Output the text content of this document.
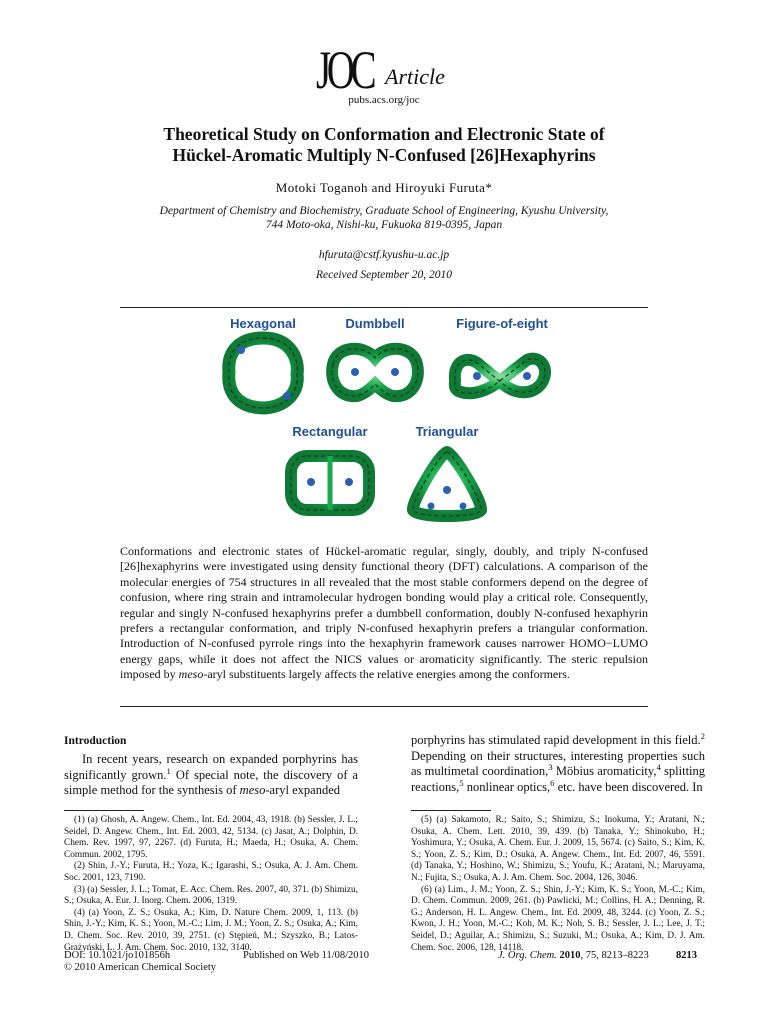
JOC Article
pubs.acs.org/joc
Theoretical Study on Conformation and Electronic State of
Hückel-Aromatic Multiply N-Confused [26]Hexaphyrins
Motoki Toganoh and Hiroyuki Furuta*
Department of Chemistry and Biochemistry, Graduate School of Engineering, Kyushu University,
744 Moto-oka, Nishi-ku, Fukuoka 819-0395, Japan
hfuruta@cstf.kyushu-u.ac.jp
Received September 20, 2010
Hexagonal	Dumbbell	Figure-of-eight
Rectangular	Triangular
Conformations and electronic states of Hückel-aromatic regular, singly, doubly, and triply N-confused [26]hexaphyrins were investigated using density functional theory (DFT) calculations. A comparison of the molecular energies of 754 structures in all revealed that the most stable conformers depend on the degree of confusion, where ring strain and intramolecular hydrogen bonding would play a critical role. Consequently, regular and singly N-confused hexaphyrins prefer a dumbbell conformation, doubly N-confused hexaphyrin prefers a rectangular conformation, and triply N-confused hexaphyrin prefers a triangular conformation. Introduction of N-confused pyrrole rings into the hexaphyrin framework causes narrower HOMO−LUMO energy gaps, while it does not affect the NICS values or aromaticity significantly. The steric repulsion imposed by meso-aryl substituents largely affects the relative energies among the conformers.
Introduction
In recent years, research on expanded porphyrins has significantly grown.$^1$ Of special note, the discovery of a simple method for the synthesis of meso-aryl expanded
porphyrins has stimulated rapid development in this field.$^2$ Depending on their structures, interesting properties such as multimetal coordination,$^3$ Möbius aromaticity,$^4$ splitting reactions,$^5$ nonlinear optics,$^6$ etc. have been discovered. In

(1) (a) Ghosh, A. Angew. Chem., Int. Ed. 2004, 43, 1918. (b) Sessler, J. L.; Seidel, D. Angew. Chem., Int. Ed. 2003, 42, 5134. (c) Jasat, A.; Dolphin, D. Chem. Rev. 1997, 97, 2267. (d) Furuta, H.; Maeda, H.; Osuka, A. Chem. Commun. 2002, 1795.

(2) Shin, J.-Y.; Furuta, H.; Yoza, K.; Igarashi, S.; Osuka, A. J. Am. Chem. Soc. 2001, 123, 7190.

(3) (a) Sessler, J. L.; Tomat, E. Acc. Chem. Res. 2007, 40, 371. (b) Shimizu, S.; Osuka, A. Eur. J. Inorg. Chem. 2006, 1319.

(4) (a) Yoon, Z. S.; Osuka, A.; Kim, D. Nature Chem. 2009, 1, 113. (b) Shin, J.-Y.; Kim, K. S.; Yoon, M.-C.; Lim, J. M.; Yoon, Z. S.; Osuka, A.; Kim, D. Chem. Soc. Rev. 2010, 39, 2751. (c) Stępień, M.; Szyszko, B.; Latos-Grażyński, L. J. Am. Chem. Soc. 2010, 132, 3140.

(5) (a) Sakamoto, R.; Saito, S.; Shimizu, S.; Inokuma, Y.; Aratani, N.; Osuka, A. Chem. Lett. 2010, 39, 439. (b) Tanaka, Y.; Shinokubo, H.; Yoshimura, Y.; Osuka, A. Chem. Eur. J. 2009, 15, 5674. (c) Saito, S.; Kim, K. S.; Yoon, Z. S.; Kim, D.; Osuka, A. Angew. Chem., Int. Ed. 2007, 46, 5591. (d) Tanaka, Y.; Hoshino, W.; Shimizu, S.; Youfu, K.; Aratani, N.; Maruyama, N.; Fujita, S.; Osuka, A. J. Am. Chem. Soc. 2004, 126, 3046.

(6) (a) Lim., J. M.; Yoon, Z. S.; Shin, J.-Y.; Kim, K. S.; Yoon, M.-C.; Kim, D. Chem. Commun. 2009, 261. (b) Pawlicki, M.; Collins, H. A.; Denning, R. G.; Anderson, H. L. Angew. Chem., Int. Ed. 2009, 48, 3244. (c) Yoon, Z. S.; Kwon, J. H.; Yoon, M.-C.; Koh, M. K.; Noh, S. B.; Sessler, J. L.; Lee, J. T.; Seidel, D.; Aguilar, A.; Shimizu, S.; Suzuki, M.; Osuka, A.; Kim, D. J. Am. Chem. Soc. 2006, 128, 14118.

DOI: 10.1021/jo101856h
© 2010 American Chemical Society
Published on Web 11/08/2010	J. Org. Chem. 2010, 75, 8213–8223	8213
